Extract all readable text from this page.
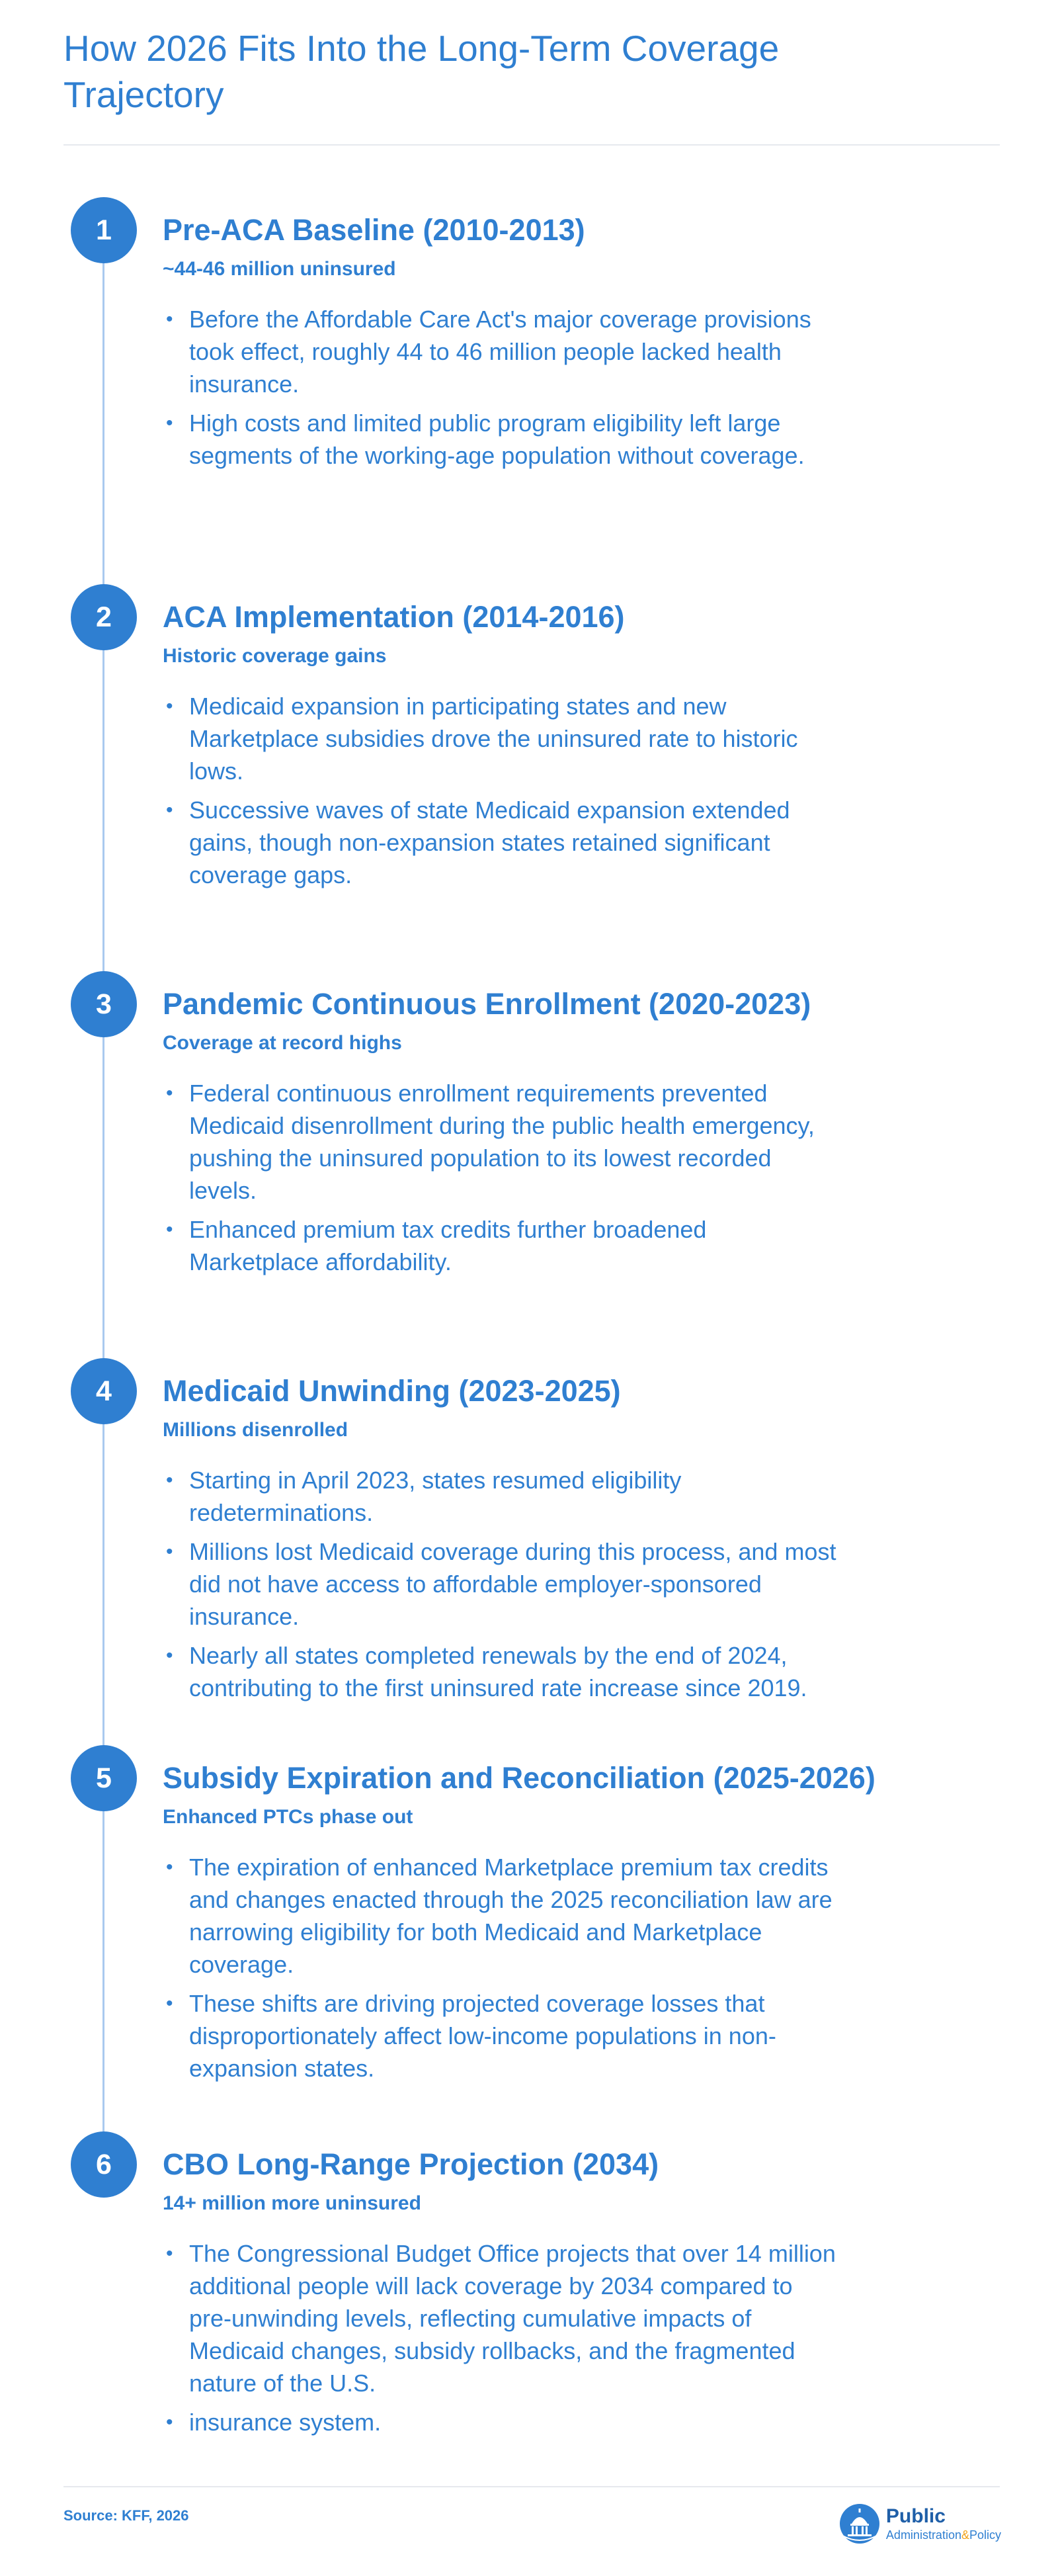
How 2026 Fits Into the Long-Term Coverage Trajectory
1	Pre-ACA Baseline (2010-2013)

~44-46 million uninsured

• Before the Affordable Care Act's major coverage provisions took effect, roughly 44 to 46 million people lacked health insurance.
• High costs and limited public program eligibility left large segments of the working-age population without coverage.
2	ACA Implementation (2014-2016)

Historic coverage gains

• Medicaid expansion in participating states and new Marketplace subsidies drove the uninsured rate to historic lows.
• Successive waves of state Medicaid expansion extended gains, though non-expansion states retained significant coverage gaps.
3	Pandemic Continuous Enrollment (2020-2023)

Coverage at record highs

• Federal continuous enrollment requirements prevented Medicaid disenrollment during the public health emergency, pushing the uninsured population to its lowest recorded levels.
• Enhanced premium tax credits further broadened Marketplace affordability.
4	Medicaid Unwinding (2023-2025)

Millions disenrolled

• Starting in April 2023, states resumed eligibility redeterminations.
• Millions lost Medicaid coverage during this process, and most did not have access to affordable employer-sponsored insurance.
• Nearly all states completed renewals by the end of 2024, contributing to the first uninsured rate increase since 2019.
5	Subsidy Expiration and Reconciliation (2025-2026)

Enhanced PTCs phase out

• The expiration of enhanced Marketplace premium tax credits and changes enacted through the 2025 reconciliation law are narrowing eligibility for both Medicaid and Marketplace coverage.
• These shifts are driving projected coverage losses that disproportionately affect low-income populations in non-expansion states.
6	CBO Long-Range Projection (2034)

14+ million more uninsured

• The Congressional Budget Office projects that over 14 million additional people will lack coverage by 2034 compared to pre-unwinding levels, reflecting cumulative impacts of Medicaid changes, subsidy rollbacks, and the fragmented nature of the U.S.
• insurance system.
Source: KFF, 2026	Public
Administration&Policy
